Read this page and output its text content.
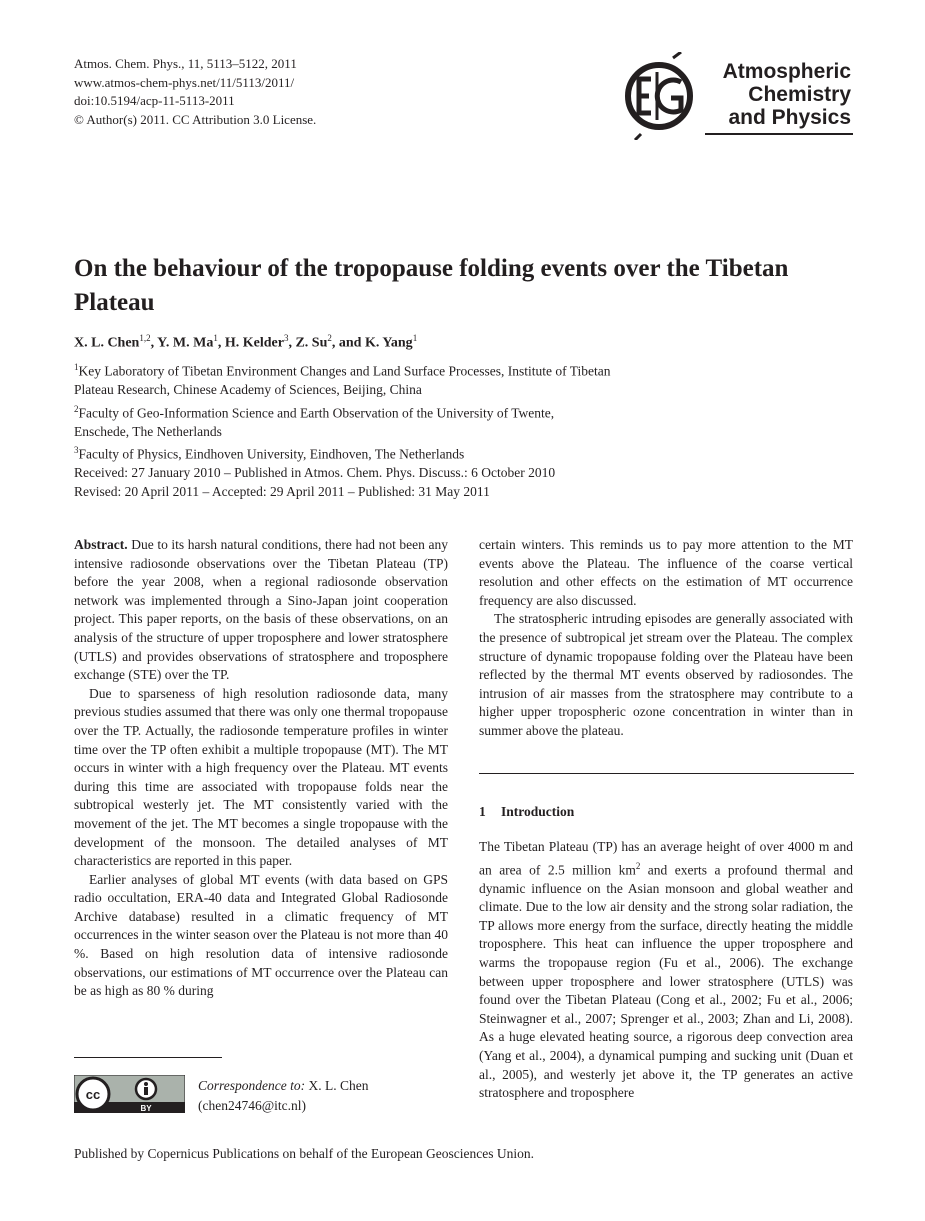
Atmos. Chem. Phys., 11, 5113–5122, 2011
www.atmos-chem-phys.net/11/5113/2011/
doi:10.5194/acp-11-5113-2011
© Author(s) 2011. CC Attribution 3.0 License.
Atmospheric
Chemistry
and Physics
On the behaviour of the tropopause folding events over the Tibetan Plateau
X. L. Chen$^{1,2}$, Y. M. Ma$^1$, H. Kelder$^3$, Z. Su$^2$, and K. Yang$^1$
$^1$Key Laboratory of Tibetan Environment Changes and Land Surface Processes, Institute of Tibetan
Plateau Research, Chinese Academy of Sciences, Beijing, China
$^2$Faculty of Geo-Information Science and Earth Observation of the University of Twente,
Enschede, The Netherlands
$^3$Faculty of Physics, Eindhoven University, Eindhoven, The Netherlands
Received: 27 January 2010 – Published in Atmos. Chem. Phys. Discuss.: 6 October 2010
Revised: 20 April 2011 – Accepted: 29 April 2011 – Published: 31 May 2011

Abstract. Due to its harsh natural conditions, there had not been any intensive radiosonde observations over the Tibetan Plateau (TP) before the year 2008, when a regional radiosonde observation network was implemented through a Sino-Japan joint cooperation project. This paper reports, on the basis of these observations, on an analysis of the structure of upper troposphere and lower stratosphere (UTLS) and provides observations of stratosphere and troposphere exchange (STE) over the TP.

Due to sparseness of high resolution radiosonde data, many previous studies assumed that there was only one thermal tropopause over the TP. Actually, the radiosonde temperature profiles in winter time over the TP often exhibit a multiple tropopause (MT). The MT occurs in winter with a high frequency over the Plateau. MT events during this time are associated with tropopause folds near the subtropical westerly jet. The MT consistently varied with the movement of the jet. The MT becomes a single tropopause with the development of the monsoon. The detailed analyses of MT characteristics are reported in this paper.

Earlier analyses of global MT events (with data based on GPS radio occultation, ERA-40 data and Integrated Global Radiosonde Archive database) resulted in a climatic frequency of MT occurrences in the winter season over the Plateau is not more than 40 %. Based on high resolution data of intensive radiosonde observations, our estimations of MT occurrence over the Plateau can be as high as 80 % during

cc
BY
Correspondence to: X. L. Chen
(chen24746@itc.nl)

certain winters. This reminds us to pay more attention to the MT events above the Plateau. The influence of the coarse vertical resolution and other effects on the estimation of MT occurrence frequency are also discussed.

The stratospheric intruding episodes are generally associated with the presence of subtropical jet stream over the Plateau. The complex structure of dynamic tropopause folding over the Plateau have been reflected by the thermal MT events observed by radiosondes. The intrusion of air masses from the stratosphere may contribute to a higher upper tropospheric ozone concentration in winter than in summer above the plateau.

1 Introduction
The Tibetan Plateau (TP) has an average height of over 4000 m and an area of 2.5 million $km^2$ and exerts a profound thermal and dynamic influence on the Asian monsoon and global weather and climate. Due to the low air density and the strong solar radiation, the TP allows more energy from the surface, directly heating the middle troposphere. This heat can influence the upper troposphere and warms the tropopause region (Fu et al., 2006). The exchange between upper troposphere and lower stratosphere (UTLS) was found over the Tibetan Plateau (Cong et al., 2002; Fu et al., 2006; Steinwagner et al., 2007; Sprenger et al., 2003; Zhan and Li, 2008). As a huge elevated heating source, a rigorous deep convection area (Yang et al., 2004), a dynamical pumping and sucking unit (Duan et al., 2005), and westerly jet above it, the TP generates an active stratosphere and troposphere
Published by Copernicus Publications on behalf of the European Geosciences Union.
